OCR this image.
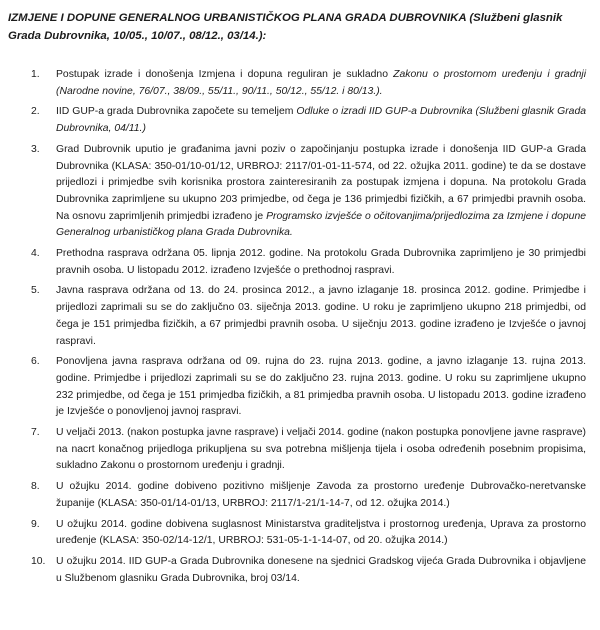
IZMJENE I DOPUNE GENERALNOG URBANISTIČKOG PLANA GRADA DUBROVNIKA (Službeni glasnik Grada Dubrovnika, 10/05., 10/07., 08/12., 03/14.):
1.	Postupak izrade i donošenja Izmjena i dopuna reguliran je sukladno Zakonu o prostornom uređenju i gradnji (Narodne novine, 76/07., 38/09., 55/11., 90/11., 50/12., 55/12. i 80/13.).
2.	IID GUP-a grada Dubrovnika započete su temeljem Odluke o izradi IID GUP-a Dubrovnika (Službeni glasnik Grada Dubrovnika, 04/11.)
3.	Grad Dubrovnik uputio je građanima javni poziv o započinjanju postupka izrade i donošenja IID GUP-a Grada Dubrovnika (KLASA: 350-01/10-01/12, URBROJ: 2117/01-01-11-574, od 22. ožujka 2011. godine) te da se dostave prijedlozi i primjedbe svih korisnika prostora zainteresiranih za postupak izmjena i dopuna. Na protokolu Grada Dubrovnika zaprimljene su ukupno 203 primjedbe, od čega je 136 primjedbi fizičkih, a 67 primjedbi pravnih osoba. Na osnovu zaprimljenih primjedbi izrađeno je Programsko izvješće o očitovanjima/prijedlozima za Izmjene i dopune Generalnog urbanističkog plana Grada Dubrovnika.
4.	Prethodna rasprava održana 05. lipnja 2012. godine. Na protokolu Grada Dubrovnika zaprimljeno je 30 primjedbi pravnih osoba. U listopadu 2012. izrađeno Izvješće o prethodnoj raspravi.
5.	Javna rasprava održana od 13. do 24. prosinca 2012., a javno izlaganje 18. prosinca 2012. godine. Primjedbe i prijedlozi zaprimali su se do zaključno 03. siječnja 2013. godine. U roku je zaprimljeno ukupno 218 primjedbi, od čega je 151 primjedba fizičkih, a 67 primjedbi pravnih osoba. U siječnju 2013. godine izrađeno je Izvješće o javnoj raspravi.
6.	Ponovljena javna rasprava održana od 09. rujna do 23. rujna 2013. godine, a javno izlaganje 13. rujna 2013. godine. Primjedbe i prijedlozi zaprimali su se do zaključno 23. rujna 2013. godine. U roku su zaprimljene ukupno 232 primjedbe, od čega je 151 primjedba fizičkih, a 81 primjedba pravnih osoba. U listopadu 2013. godine izrađeno je Izvješće o ponovljenoj javnoj raspravi.
7.	U veljači 2013. (nakon postupka javne rasprave) i veljači 2014. godine (nakon postupka ponovljene javne rasprave) na nacrt konačnog prijedloga prikupljena su sva potrebna mišljenja tijela i osoba određenih posebnim propisima, sukladno Zakonu o prostornom uređenju i gradnji.
8.	U ožujku 2014. godine dobiveno pozitivno mišljenje Zavoda za prostorno uređenje Dubrovačko-neretvanske županije (KLASA: 350-01/14-01/13, URBROJ: 2117/1-21/1-14-7, od 12. ožujka 2014.)
9.	U ožujku 2014. godine dobivena suglasnost Ministarstva graditeljstva i prostornog uređenja, Uprava za prostorno uređenje (KLASA: 350-02/14-12/1, URBROJ: 531-05-1-1-14-07, od 20. ožujka 2014.)
10.	U ožujku 2014. IID GUP-a Grada Dubrovnika donesene na sjednici Gradskog vijeća Grada Dubrovnika i objavljene u Službenom glasniku Grada Dubrovnika, broj 03/14.
